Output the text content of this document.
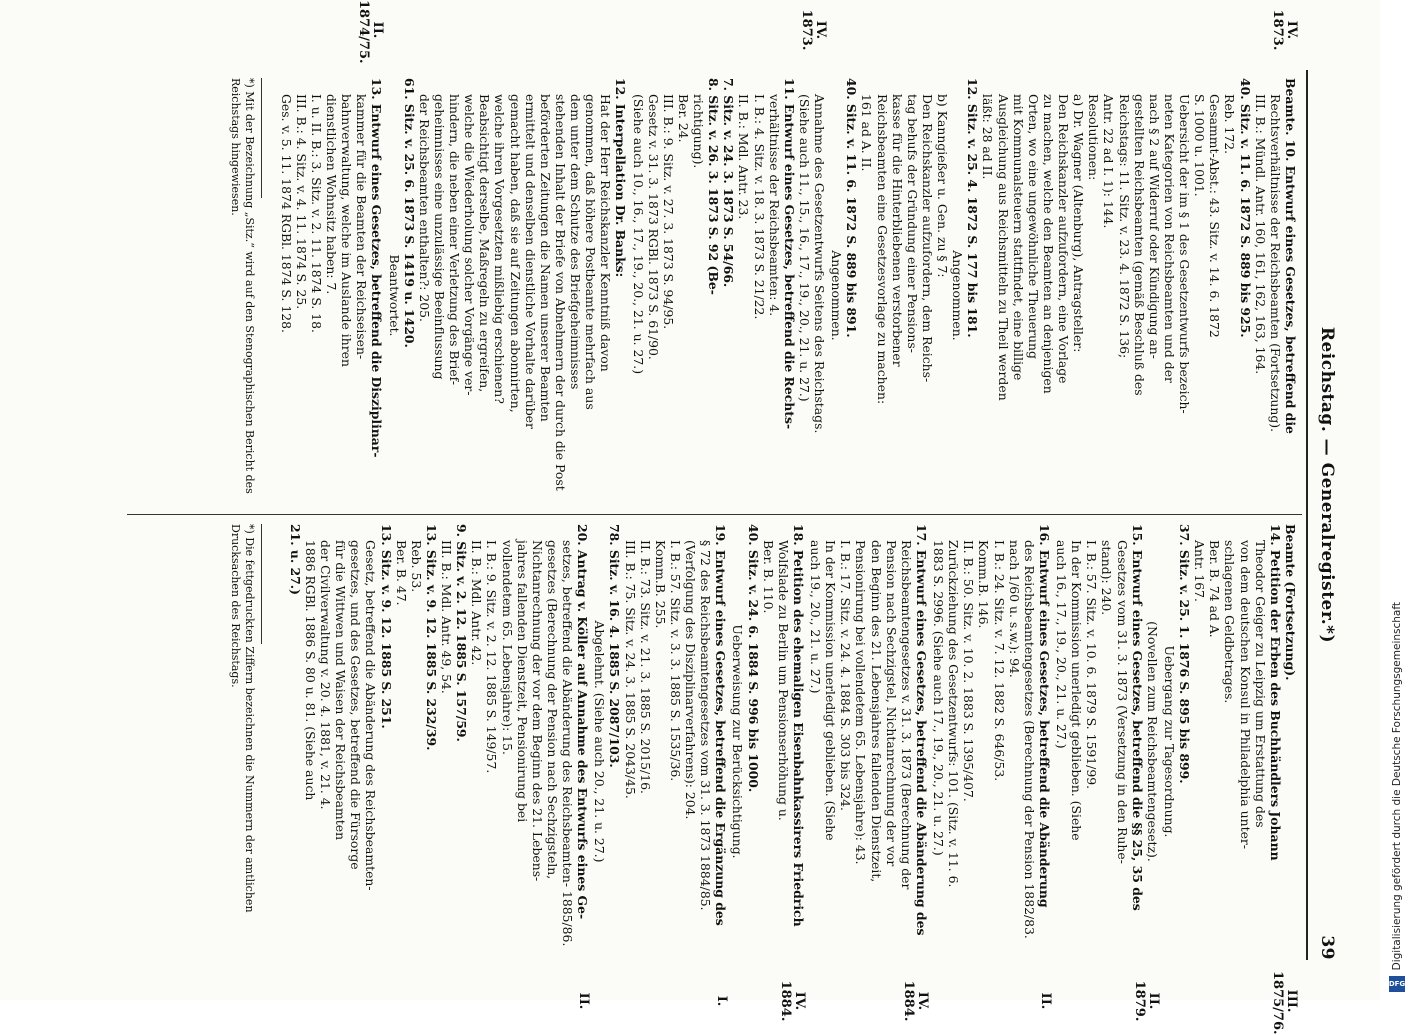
Reichstag. — Generalregister.*)
39
IV. 1873.
Beamte. 10. Entwurf eines Gesetzes, betreffend die
Rechtsverhältnisse der Reichsbeamten (Fortsetzung).
III. B.: Mündl. Antr. 160, 161, 162, 163, 164.
40. Sitz. v. 11. 6. 1872 S. 889 bis 925.
Reb. 172.
Gesammt-Abst.: 43. Sitz. v. 14. 6. 1872
S. 1000 u. 1001.
Uebersicht der im § 1 des Gesetzentwurfs bezeich-
neten Kategorien von Reichsbeamten und der
nach § 2 auf Widerruf oder Kündigung an-
gestellten Reichsbeamten (gemäß Beschluß des
Reichstags: 11. Sitz. v. 23. 4. 1872 S. 136;
Antr. 22 ad I. 1): 144.
Resolutionen:
a) Dr. Wagner (Altenburg), Antragsteller:
Den Reichskanzler aufzufordern, eine Vorlage
zu machen, welche den Beamten an denjenigen
Orten, wo eine ungewöhnliche Theuerung
mit Kommunalsteuern stattfindet, eine billige
Ausgleichung aus Reichsmitteln zu Theil werden
läßt: 28 ad II.
12. Sitz. v. 25. 4. 1872 S. 177 bis 181.
Angenommen.
b) Kanngießer u. Gen. zu § 7:
Den Reichskanzler aufzufordern, dem Reichs-
tag behufs der Gründung einer Pensions-
kasse für die Hinterbliebenen verstorbener
Reichsbeamten eine Gesetzesvorlage zu machen:
161 ad A. II.
40. Sitz. v. 11. 6. 1872 S. 889 bis 891.
Angenommen.
IV. 1873.
Annahme des Gesetzentwurfs Seitens des Reichstags.
(Siehe auch 11., 15., 16., 17., 19., 20., 21. u. 27.)
11. Entwurf eines Gesetzes, betreffend die Rechts-
verhältnisse der Reichsbeamten: 4.
I. B.: 4. Sitz. v. 18. 3. 1873 S. 21/22.
II. B.: Mdl. Antr. 23.
7. Sitz. v. 24. 3. 1873 S. 54/66.
8. Sitz. v. 26. 3. 1873 S. 92 (Be-
richtigung).
Ber. 24.
III. B.: 9. Sitz. v. 27. 3. 1873 S. 94/95.
Gesetz v. 31. 3. 1873 RGBl. 1873 S. 61/90.
(Siehe auch 10., 16., 17., 19., 20., 21. u. 27.)
12. Interpellation Dr. Banks:
Hat der Herr Reichskanzler Kenntniß davon
genommen, daß höhere Postbeamte mehrfach aus
dem unter dem Schutze des Briefgeheimnisses
stehenden Inhalt der Briefe von Abnehmern der durch die Post
beförderten Zeitungen die Namen unserer Beamten
ermittelt und denselben dienstliche Vorhalte darüber
gemacht haben, daß sie auf Zeitungen abonnirten,
welche ihren Vorgesetzten mißliebig erschienen?
Beabsichtigt derselbe, Maßregeln zu ergreifen,
welche die Wiederholung solcher Vorgänge ver-
hindern, die neben einer Verletzung des Brief-
geheimnisses eine unzulässige Beeinflussung
der Reichsbeamten enthalten?: 205.
61. Sitz. v. 25. 6. 1873 S. 1419 u. 1420.
Beantwortet.
II. 1874/75.
13. Entwurf eines Gesetzes, betreffend die Disziplinar-
kammer für die Beamten der Reichseisen-
bahnverwaltung, welche im Auslande ihren
dienstlichen Wohnsitz haben: 7.
I. u. II. B.: 3. Sitz. v. 2. 11. 1874 S. 18.
III. B.: 4. Sitz. v. 4. 11. 1874 S. 25.
Ges. v. 5. 11. 1874 RGBl. 1874 S. 128.
III. 1875/76.
Beamte (Fortsetzung).
14. Petition der Erben des Buchhändlers Johann
Theodor Geiger zu Leipzig um Erstattung des
von dem deutschen Konsul in Philadelphia unter-
schlagenen Geldbetrages.
Ber. B. 74 ad A.
Antr. 167.
37. Sitz. v. 25. 1. 1876 S. 895 bis 899.
Uebergang zur Tagesordnung.
II. 1879.
(Novellen zum Reichsbeamtengesetz).
15. Entwurf eines Gesetzes, betreffend die §§ 25, 35 des
Gesetzes vom 31. 3. 1873 (Versetzung in den Ruhe-
stand): 240.
I. B.: 57. Sitz. v. 10. 6. 1879 S. 1591/99.
In der Kommission unerledigt geblieben. (Siehe
auch 16., 17., 19., 20., 21. u. 27.)
II.
16. Entwurf eines Gesetzes, betreffend die Abänderung
des Reichsbeamtengesetzes (Berechnung der Pension 1882/83.
nach 1/60 u. s.w.): 94.
I. B.: 24. Sitz. v. 7. 12. 1882 S. 646/53.
Komm.B. 146.
II. B.: 50. Sitz. v. 10. 2. 1883 S. 1395/407.
Zurückziehung des Gesetzentwurfs: 101. (Sitz. v. 11. 6.
1883 S. 2996. (Siehe auch 17., 19., 20., 21. u. 27.)
IV. 1884.
17. Entwurf eines Gesetzes, betreffend die Abänderung des
Reichsbeamtengesetzes v. 31. 3. 1873 (Berechnung der
Pension nach Sechzigstel, Nichtanrechnung der vor
den Beginn des 21. Lebensjahres fallenden Dienstzeit,
Pensionirung bei vollendetem 65. Lebensjahre): 43.
I. B.: 17. Sitz. v. 24. 4. 1884 S. 303 bis 324.
In der Kommission unerledigt geblieben. (Siehe
auch 19., 20., 21. u. 27.)
IV. 1884.
18. Petition des ehemaligen Eisenbahnkassirers Friedrich
Wolfslade zu Berlin um Pensionserhöhung u.
Ber. B. 110.
40. Sitz. v. 24. 6. 1884 S. 996 bis 1000.
Ueberweisung zur Berücksichtigung.
I.
19. Entwurf eines Gesetzes, betreffend die Ergänzung des
§ 72 des Reichsbeamtengesetzes vom 31. 3. 1873 1884/85.
(Verfolgung des Disziplinarverfahrens): 204.
I. B.: 57. Sitz. v. 3. 3. 1885 S. 1535/36.
Komm.B. 255.
II. B.: 73. Sitz. v. 21. 3. 1885 S. 2015/16.
III. B.: 75. Sitz. v. 24. 3. 1885 S. 2043/45.
78. Sitz. v. 16. 4. 1885 S. 2087/103.
Abgelehnt. (Siehe auch 20., 21. u. 27.)
II.
20. Antrag v. Köller auf Annahme des Entwurfs eines Ge-
setzes, betreffend die Abänderung des Reichsbeamten- 1885/86.
gesetzes (Berechnung der Pension nach Sechzigsteln,
Nichtanrechnung der vor dem Beginn des 21. Lebens-
jahres fallenden Dienstzeit, Pensionirung bei
vollendetem 65. Lebensjahre): 15.
I. B.: 9. Sitz. v. 2. 12. 1885 S. 149/57.
II. B.: Mdl. Antr. 42.
9. Sitz. v. 2. 12. 1885 S. 157/59.
III. B.: Mdl. Antr. 49, 54.
13. Sitz. v. 9. 12. 1885 S. 232/39.
Reb. 53.
Ber. B. 47.
13. Sitz. v. 9. 12. 1885 S. 251.
Gesetz, betreffend die Abänderung des Reichsbeamten-
gesetzes, und des Gesetzes, betreffend die Fürsorge
für die Wittwen und Waisen der Reichsbeamten
der Civilverwaltung v. 20. 4. 1881, v. 21. 4.
1886 RGBl. 1886 S. 80 u. 81. (Siehe auch
21. u. 27.)
*) Mit der Bezeichnung „Sitz.“ wird auf den Stenographischen Bericht des Reichstags hingewiesen.
*) Die fettgedruckten Ziffern bezeichnen die Nummern der amtlichen Drucksachen des Reichstags.	Digitalisierung gefördert durch die Deutsche Forschungsgemeinschaft
DFG
